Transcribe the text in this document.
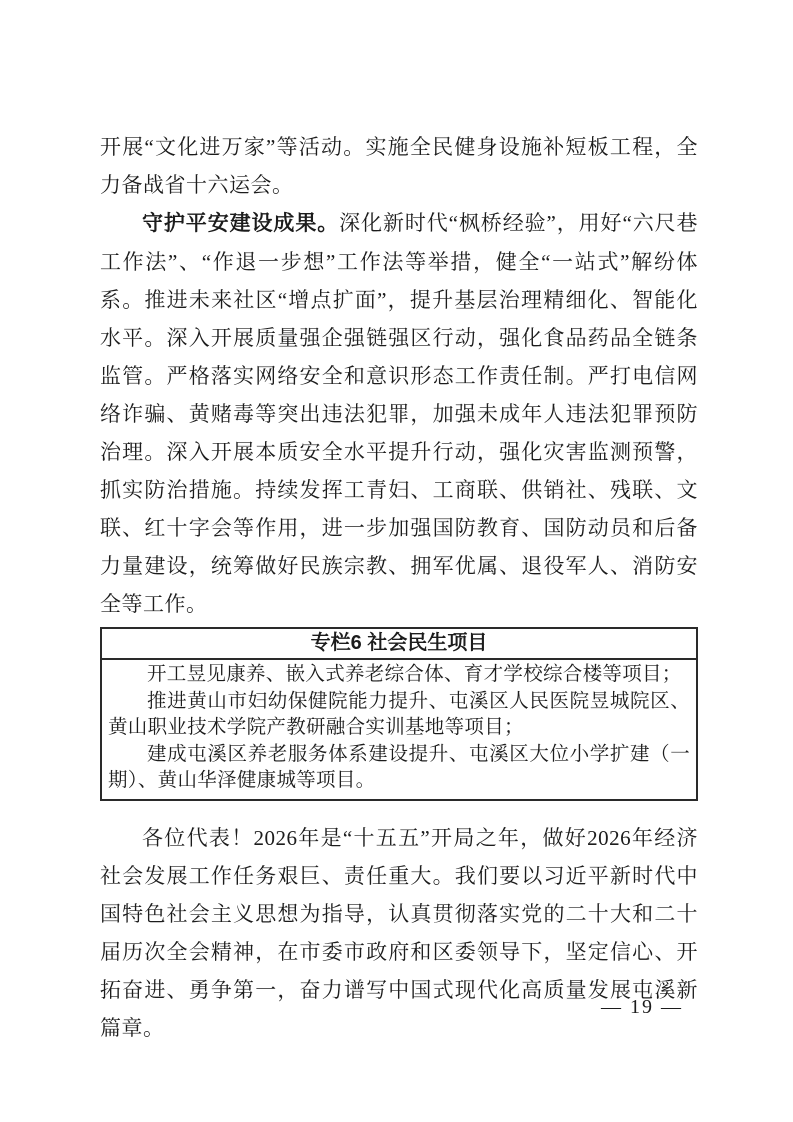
开展“文化进万家”等活动。实施全民健身设施补短板工程，全力备战省十六运会。

守护平安建设成果。深化新时代“枫桥经验”，用好“六尺巷工作法”、“作退一步想”工作法等举措，健全“一站式”解纷体系。推进未来社区“增点扩面”，提升基层治理精细化、智能化水平。深入开展质量强企强链强区行动，强化食品药品全链条监管。严格落实网络安全和意识形态工作责任制。严打电信网络诈骗、黄赌毒等突出违法犯罪，加强未成年人违法犯罪预防治理。深入开展本质安全水平提升行动，强化灾害监测预警，抓实防治措施。持续发挥工青妇、工商联、供销社、残联、文联、红十字会等作用，进一步加强国防教育、国防动员和后备力量建设，统筹做好民族宗教、拥军优属、退役军人、消防安全等工作。

专栏6 社会民生项目

开工昱见康养、嵌入式养老综合体、育才学校综合楼等项目；

推进黄山市妇幼保健院能力提升、屯溪区人民医院昱城院区、黄山职业技术学院产教研融合实训基地等项目；

建成屯溪区养老服务体系建设提升、屯溪区大位小学扩建（一期）、黄山华泽健康城等项目。

各位代表！2026年是“十五五”开局之年，做好2026年经济社会发展工作任务艰巨、责任重大。我们要以习近平新时代中国特色社会主义思想为指导，认真贯彻落实党的二十大和二十届历次全会精神，在市委市政府和区委领导下，坚定信心、开拓奋进、勇争第一，奋力谱写中国式现代化高质量发展屯溪新篇章。

— 19 —
